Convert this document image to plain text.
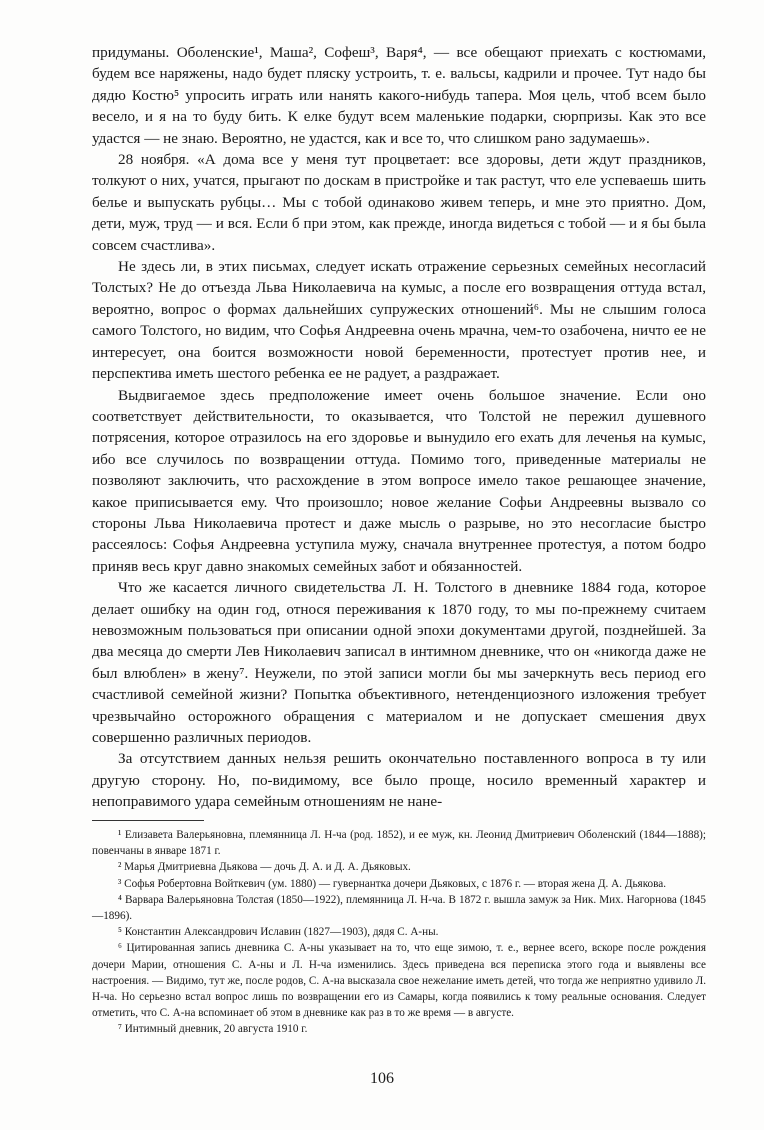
придуманы. Оболенские¹, Маша², Софеш³, Варя⁴, — все обещают приехать с костюмами, будем все наряжены, надо будет пляску устроить, т. е. вальсы, кадрили и прочее. Тут надо бы дядю Костю⁵ упросить играть или нанять какого-нибудь тапера. Моя цель, чтоб всем было весело, и я на то буду бить. К елке будут всем маленькие подарки, сюрпризы. Как это все удастся — не знаю. Вероятно, не удастся, как и все то, что слишком рано задумаешь».

28 ноября. «А дома все у меня тут процветает: все здоровы, дети ждут праздников, толкуют о них, учатся, прыгают по доскам в пристройке и так растут, что еле успеваешь шить белье и выпускать рубцы… Мы с тобой одинаково живем теперь, и мне это приятно. Дом, дети, муж, труд — и вся. Если б при этом, как прежде, иногда видеться с тобой — и я бы была совсем счастлива».

Не здесь ли, в этих письмах, следует искать отражение серьезных семейных несогласий Толстых? Не до отъезда Льва Николаевича на кумыс, а после его возвращения оттуда встал, вероятно, вопрос о формах дальнейших супружеских отношений⁶. Мы не слышим голоса самого Толстого, но видим, что Софья Андреевна очень мрачна, чем-то озабочена, ничто ее не интересует, она боится возможности новой беременности, протестует против нее, и перспектива иметь шестого ребенка ее не радует, а раздражает.

Выдвигаемое здесь предположение имеет очень большое значение. Если оно соответствует действительности, то оказывается, что Толстой не пережил душевного потрясения, которое отразилось на его здоровье и вынудило его ехать для леченья на кумыс, ибо все случилось по возвращении оттуда. Помимо того, приведенные материалы не позволяют заключить, что расхождение в этом вопросе имело такое решающее значение, какое приписывается ему. Что произошло; новое желание Софьи Андреевны вызвало со стороны Льва Николаевича протест и даже мысль о разрыве, но это несогласие быстро рассеялось: Софья Андреевна уступила мужу, сначала внутреннее протестуя, а потом бодро приняв весь круг давно знакомых семейных забот и обязанностей.

Что же касается личного свидетельства Л. Н. Толстого в дневнике 1884 года, которое делает ошибку на один год, относя переживания к 1870 году, то мы по-прежнему считаем невозможным пользоваться при описании одной эпохи документами другой, позднейшей. За два месяца до смерти Лев Николаевич записал в интимном дневнике, что он «никогда даже не был влюблен» в жену⁷. Неужели, по этой записи могли бы мы зачеркнуть весь период его счастливой семейной жизни? Попытка объективного, нетенденциозного изложения требует чрезвычайно осторожного обращения с материалом и не допускает смешения двух совершенно различных периодов.

За отсутствием данных нельзя решить окончательно поставленного вопроса в ту или другую сторону. Но, по-видимому, все было проще, носило временный характер и непоправимого удара семейным отношениям не нане-

¹ Елизавета Валерьяновна, племянница Л. Н-ча (род. 1852), и ее муж, кн. Леонид Дмитриевич Оболенский (1844—1888); повенчаны в январе 1871 г.

² Марья Дмитриевна Дьякова — дочь Д. А. и Д. А. Дьяковых.

³ Софья Робертовна Войткевич (ум. 1880) — гувернантка дочери Дьяковых, с 1876 г. — вторая жена Д. А. Дьякова.

⁴ Варвара Валерьяновна Толстая (1850—1922), племянница Л. Н-ча. В 1872 г. вышла замуж за Ник. Мих. Нагорнова (1845—1896).

⁵ Константин Александрович Иславин (1827—1903), дядя С. А-ны.

⁶ Цитированная запись дневника С. А-ны указывает на то, что еще зимою, т. е., вернее всего, вскоре после рождения дочери Марии, отношения С. А-ны и Л. Н-ча изменились. Здесь приведена вся переписка этого года и выявлены все настроения. — Видимо, тут же, после родов, С. А-на высказала свое нежелание иметь детей, что тогда же неприятно удивило Л. Н-ча. Но серьезно встал вопрос лишь по возвращении его из Самары, когда появились к тому реальные основания. Следует отметить, что С. А-на вспоминает об этом в дневнике как раз в то же время — в августе.

⁷ Интимный дневник, 20 августа 1910 г.

106
